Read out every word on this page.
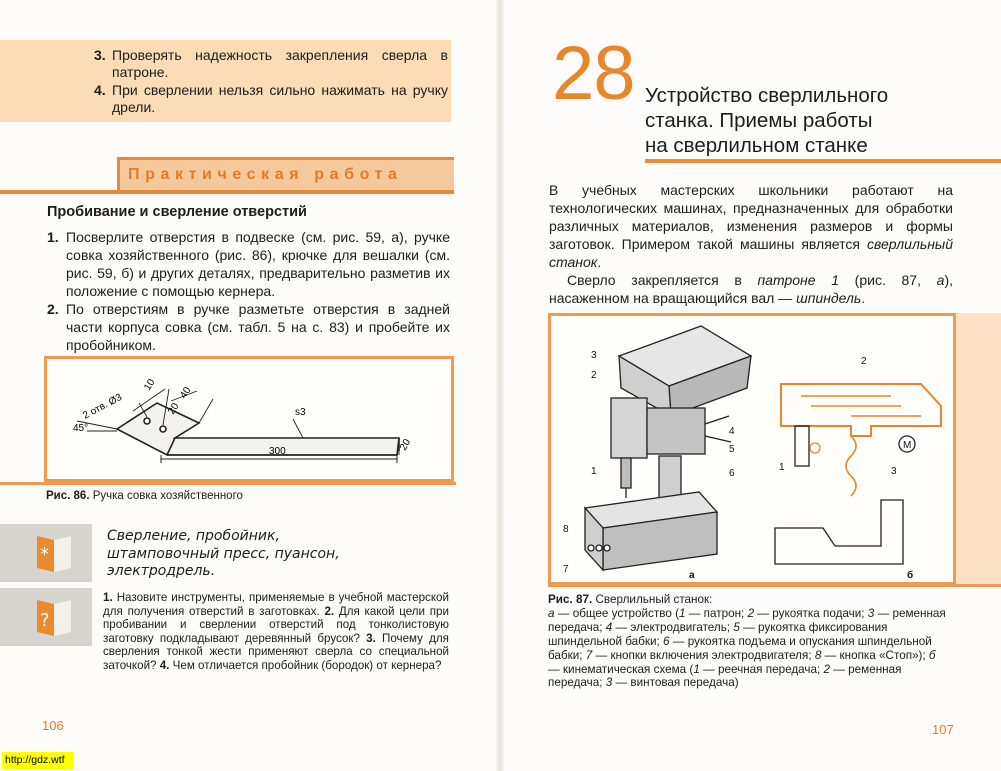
3. Проверять надежность закрепления сверла в патроне.
4. При сверлении нельзя сильно нажимать на ручку дрели.
Практическая работа
Пробивание и сверление отверстий
1. Посверлите отверстия в подвеске (см. рис. 59, а), ручке совка хозяйственного (рис. 86), крючке для вешалки (см. рис. 59, б) и других деталях, предварительно разметив их положение с помощью кернера.
2. По отверстиям в ручке разметьте отверстия в задней части корпуса совка (см. табл. 5 на с. 83) и пробейте их пробойником.
2 отв. Ø3
45°
10
40
20	s3
300	20
Рис. 86. Ручка совка хозяйственного
*
Сверление, пробойник,
штамповочный пресс, пуансон,
электродрель.
?
1. Назовите инструменты, применяемые в учебной мастерской для получения отверстий в заготовках. 2. Для какой цели при пробивании и сверлении отверстий под тонколистовую заготовку подкладывают деревянный брусок? 3. Почему для сверления тонкой жести применяют сверла со специальной заточкой? 4. Чем отличается пробойник (бородок) от кернера?
106
28 Устройство сверлильного
станка. Приемы работы
на сверлильном станке
В учебных мастерских школьники работают на технологических машинах, предназначенных для обработки различных материалов, изменения размеров и формы заготовок. Примером такой машины является сверлильный станок.
Сверло закрепляется в патроне 1 (рис. 87, а), насаженном на вращающийся вал — шпиндель.
3
2
1
4
5
6
8
7
2
1	3
М
а	б
Рис. 87. Сверлильный станок:
а — общее устройство (1 — патрон; 2 — рукоятка подачи; 3 — ременная передача; 4 — электродвигатель; 5 — рукоятка фиксирования шпиндельной бабки; 6 — рукоятка подъема и опускания шпиндельной бабки; 7 — кнопки включения электродвигателя; 8 — кнопка «Стоп»); б — кинематическая схема (1 — реечная передача; 2 — ременная передача; 3 — винтовая передача)
107
http://gdz.wtf
